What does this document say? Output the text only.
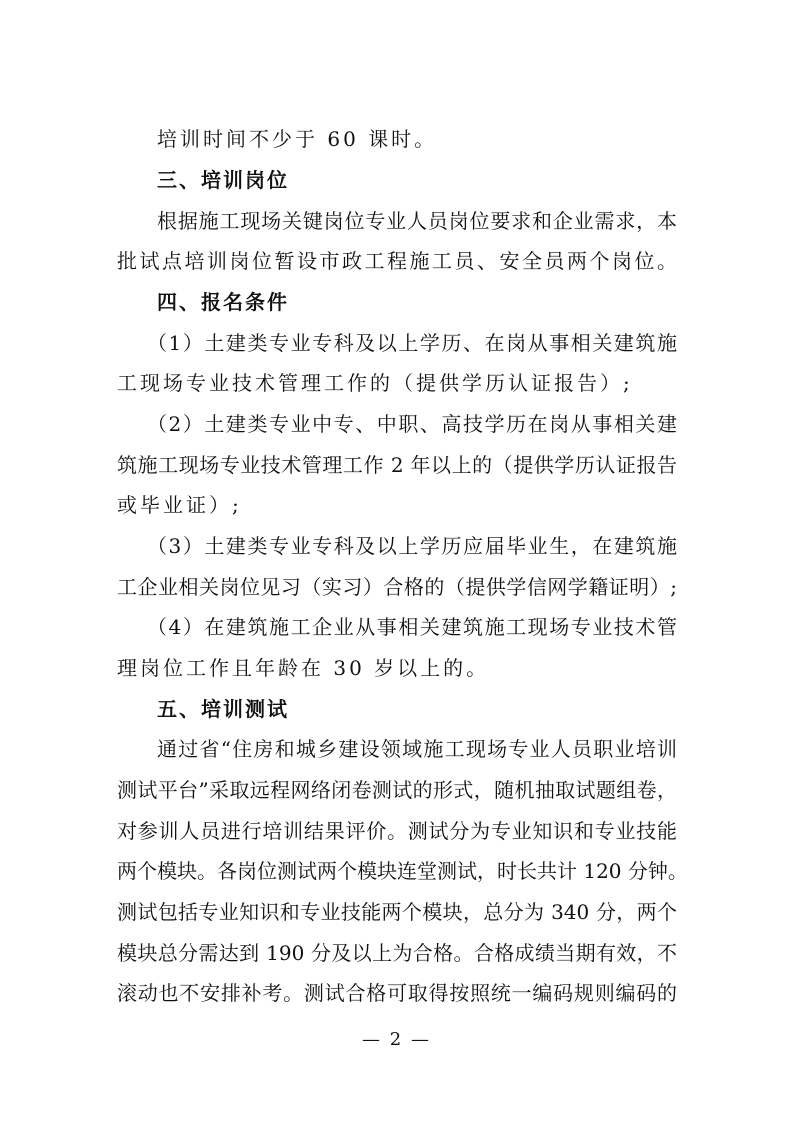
培训时间不少于 60 课时。
三、培训岗位
根据施工现场关键岗位专业人员岗位要求和企业需求，本
批试点培训岗位暂设市政工程施工员、安全员两个岗位。
四、报名条件
（1）土建类专业专科及以上学历、在岗从事相关建筑施
工现场专业技术管理工作的（提供学历认证报告）;
（2）土建类专业中专、中职、高技学历在岗从事相关建
筑施工现场专业技术管理工作 2 年以上的（提供学历认证报告
或毕业证）;
（3）土建类专业专科及以上学历应届毕业生，在建筑施
工企业相关岗位见习（实习）合格的（提供学信网学籍证明）;
（4）在建筑施工企业从事相关建筑施工现场专业技术管
理岗位工作且年龄在 30 岁以上的。
五、培训测试
通过省“住房和城乡建设领域施工现场专业人员职业培训
测试平台”采取远程网络闭卷测试的形式，随机抽取试题组卷，
对参训人员进行培训结果评价。测试分为专业知识和专业技能
两个模块。各岗位测试两个模块连堂测试，时长共计 120 分钟。
测试包括专业知识和专业技能两个模块，总分为 340 分，两个
模块总分需达到 190 分及以上为合格。合格成绩当期有效，不
滚动也不安排补考。测试合格可取得按照统一编码规则编码的
— 2 —
